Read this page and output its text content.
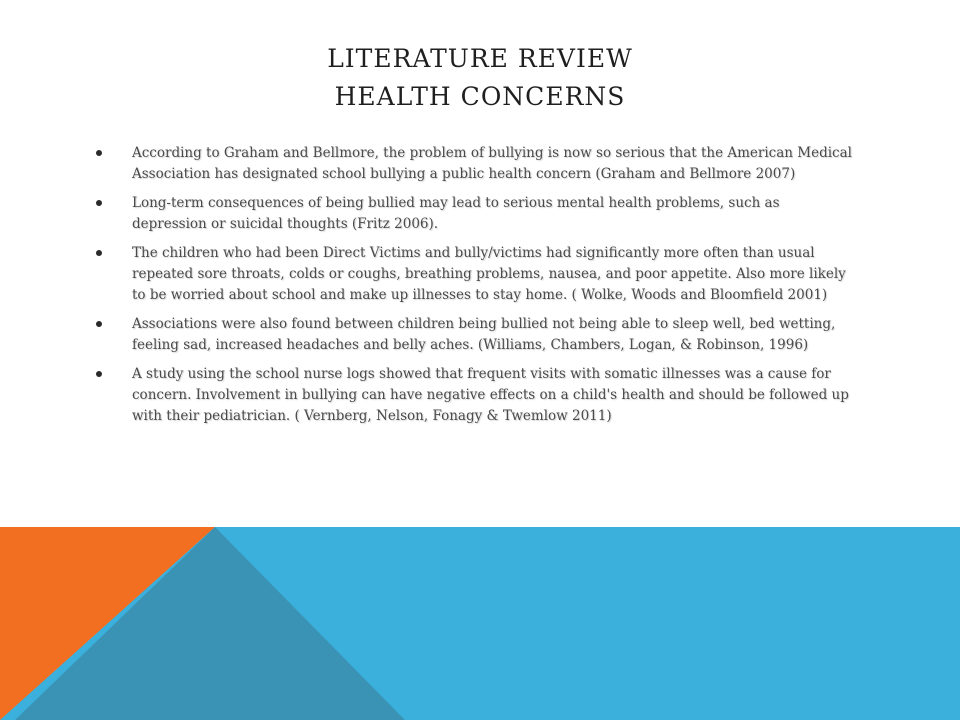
LITERATURE REVIEW
HEALTH CONCERNS
According to Graham and Bellmore, the problem of bullying is now so serious that the American Medical Association has designated school bullying a public health concern (Graham and Bellmore 2007)
Long-term consequences of being bullied may lead to serious mental health problems, such as depression or suicidal thoughts (Fritz 2006).
The children who had been Direct Victims and bully/victims had significantly more often than usual repeated sore throats, colds or coughs, breathing problems, nausea, and poor appetite. Also more likely to be worried about school and make up illnesses to stay home. ( Wolke, Woods and Bloomfield 2001)
Associations were also found between children being bullied not being able to sleep well, bed wetting, feeling sad, increased headaches and belly aches. (Williams, Chambers, Logan, & Robinson, 1996)
A study using the school nurse logs showed that frequent visits with somatic illnesses was a cause for concern. Involvement in bullying can have negative effects on a child's health and should be followed up with their pediatrician. ( Vernberg, Nelson, Fonagy & Twemlow 2011)
